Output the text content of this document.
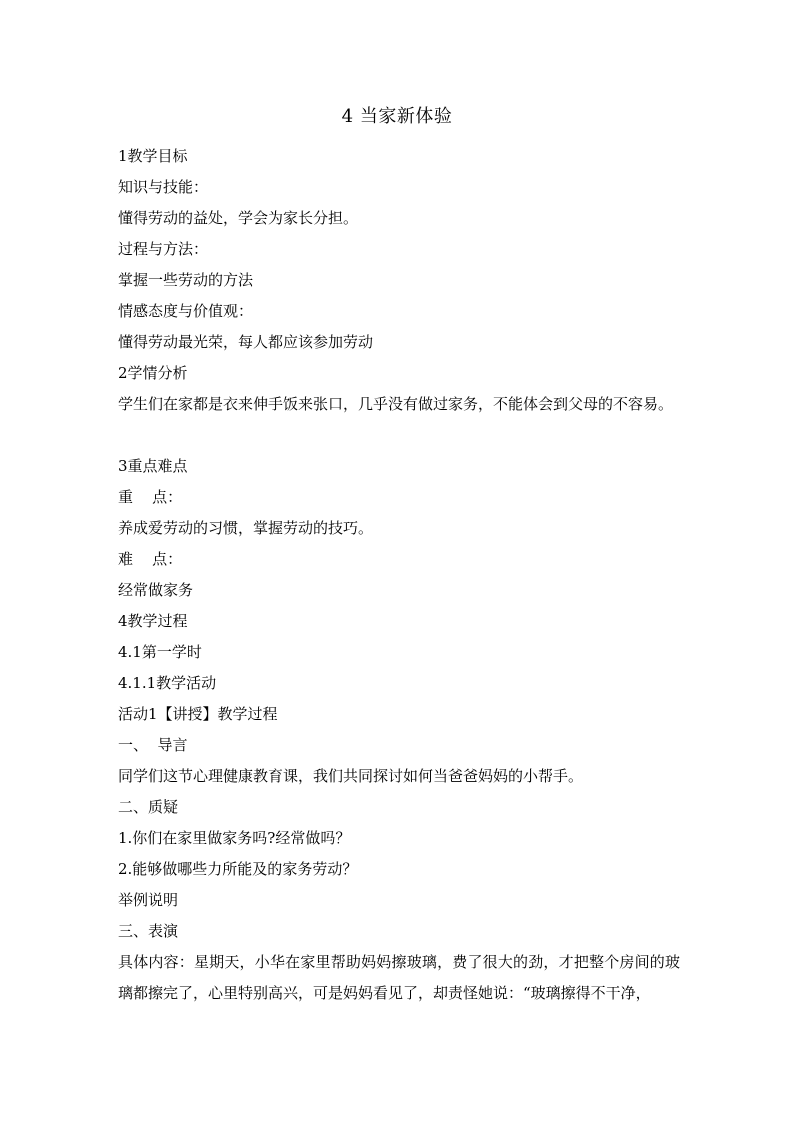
4 当家新体验
1教学目标
知识与技能：
懂得劳动的益处，学会为家长分担。
过程与方法：
掌握一些劳动的方法
情感态度与价值观：
懂得劳动最光荣，每人都应该参加劳动
2学情分析
学生们在家都是衣来伸手饭来张口，几乎没有做过家务，不能体会到父母的不容易。
3重点难点
重    点：
养成爱劳动的习惯，掌握劳动的技巧。
难    点：
经常做家务
4教学过程
4.1第一学时
4.1.1教学活动
活动1【讲授】教学过程
一、  导言
同学们这节心理健康教育课，我们共同探讨如何当爸爸妈妈的小帮手。
二、质疑
1.你们在家里做家务吗?经常做吗？
2.能够做哪些力所能及的家务劳动？
举例说明
三、表演
具体内容：星期天，小华在家里帮助妈妈擦玻璃，费了很大的劲，才把整个房间的玻璃都擦完了，心里特别高兴，可是妈妈看见了，却责怪她说：“玻璃擦得不干净，
